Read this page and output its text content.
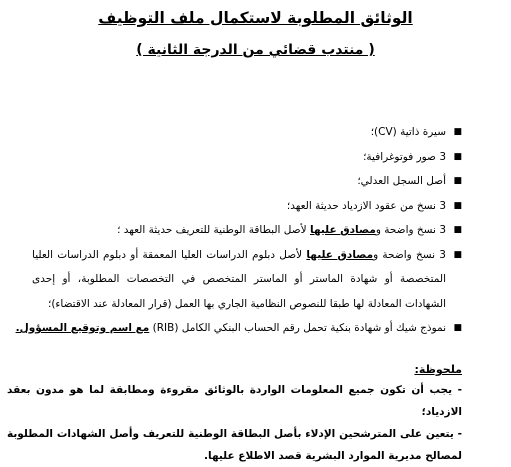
الوثائق المطلوبة لاستكمال ملف التوظيف
( منتدب قضائي من الدرجة الثانية )
■
سيرة ذاتية (CV)؛
■
3 صور فوتوغرافية؛
■
أصل السجل العدلي؛
■
3 نسخ من عقود الازدياد حديثة العهد؛
■
3 نسخ واضحة ومصادق عليها لأصل البطاقة الوطنية للتعريف حديثة العهد ؛
■
3 نسخ واضحة ومصادق عليها لأصل دبلوم الدراسات العليا المعمقة أو دبلوم الدراسات العليا المتخصصة أو شهادة الماستر أو الماستر المتخصص في التخصصات المطلوبة، أو إحدى الشهادات المعادلة لها طبقا للنصوص النظامية الجاري بها العمل (قرار المعادلة عند الاقتضاء)؛
■
نموذج شيك أو شهادة بنكية تحمل رقم الحساب البنكي الكامل (RIB) مع اسم وتوقيع المسؤول.
ملحوظة:
- يجب أن تكون جميع المعلومات الواردة بالوثائق مقروءة ومطابقة لما هو مدون بعقد الازدياد؛
- يتعين على المترشحين الإدلاء بأصل البطاقة الوطنية للتعريف وأصل الشهادات المطلوبة لمصالح مديرية الموارد البشرية قصد الاطلاع عليها.
